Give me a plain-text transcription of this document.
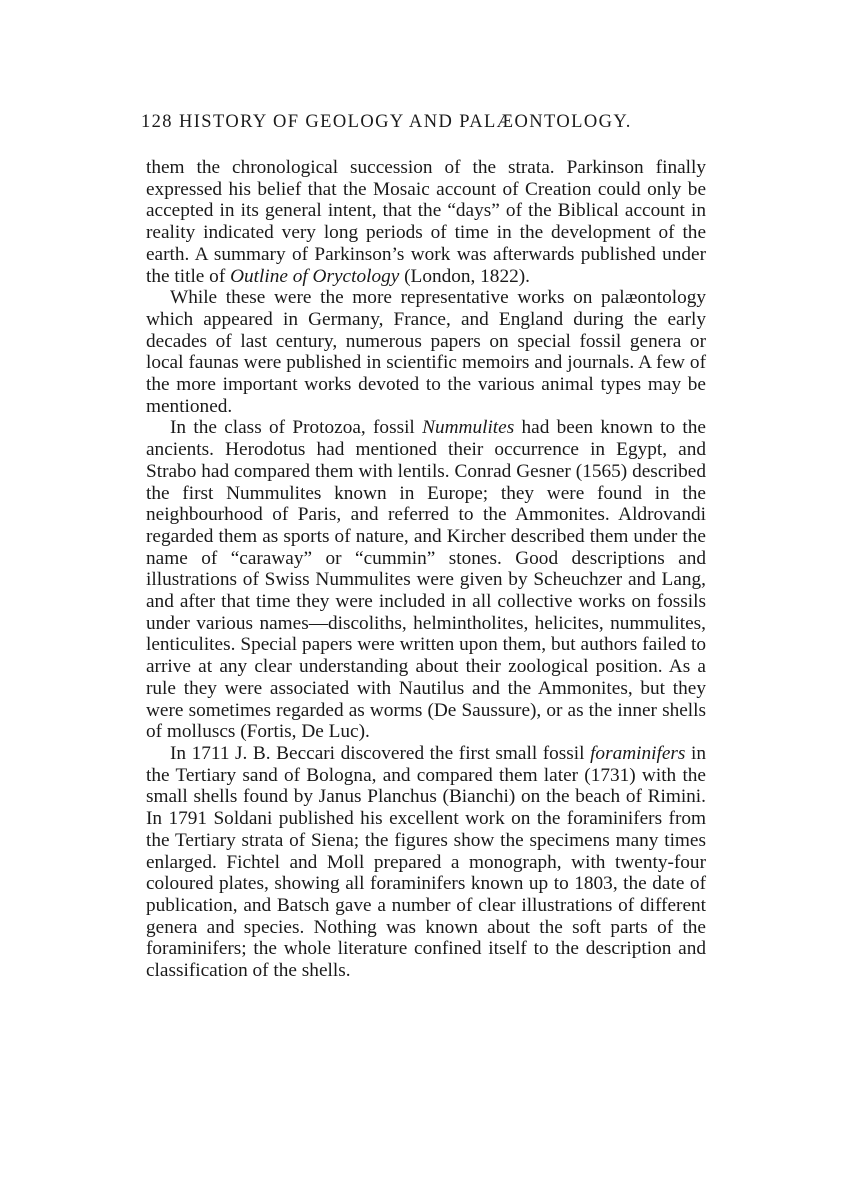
128 HISTORY OF GEOLOGY AND PALÆONTOLOGY.

them the chronological succession of the strata. Parkinson finally expressed his belief that the Mosaic account of Creation could only be accepted in its general intent, that the “days” of the Biblical account in reality indicated very long periods of time in the development of the earth. A summary of Parkinson’s work was afterwards published under the title of Outline of Oryctology (London, 1822).

While these were the more representative works on palæontology which appeared in Germany, France, and England during the early decades of last century, numerous papers on special fossil genera or local faunas were published in scientific memoirs and journals. A few of the more important works devoted to the various animal types may be mentioned.

In the class of Protozoa, fossil Nummulites had been known to the ancients. Herodotus had mentioned their occurrence in Egypt, and Strabo had compared them with lentils. Conrad Gesner (1565) described the first Nummulites known in Europe; they were found in the neighbourhood of Paris, and referred to the Ammonites. Aldrovandi regarded them as sports of nature, and Kircher described them under the name of “caraway” or “cummin” stones. Good descriptions and illustrations of Swiss Nummulites were given by Scheuchzer and Lang, and after that time they were included in all collective works on fossils under various names—discoliths, helmintholites, helicites, nummulites, lenticulites. Special papers were written upon them, but authors failed to arrive at any clear understanding about their zoological position. As a rule they were associated with Nautilus and the Ammonites, but they were sometimes regarded as worms (De Saussure), or as the inner shells of molluscs (Fortis, De Luc).

In 1711 J. B. Beccari discovered the first small fossil foraminifers in the Tertiary sand of Bologna, and compared them later (1731) with the small shells found by Janus Planchus (Bianchi) on the beach of Rimini. In 1791 Soldani published his excellent work on the foraminifers from the Tertiary strata of Siena; the figures show the specimens many times enlarged. Fichtel and Moll prepared a monograph, with twenty-four coloured plates, showing all foraminifers known up to 1803, the date of publication, and Batsch gave a number of clear illustrations of different genera and species. Nothing was known about the soft parts of the foraminifers; the whole literature confined itself to the description and classification of the shells.
